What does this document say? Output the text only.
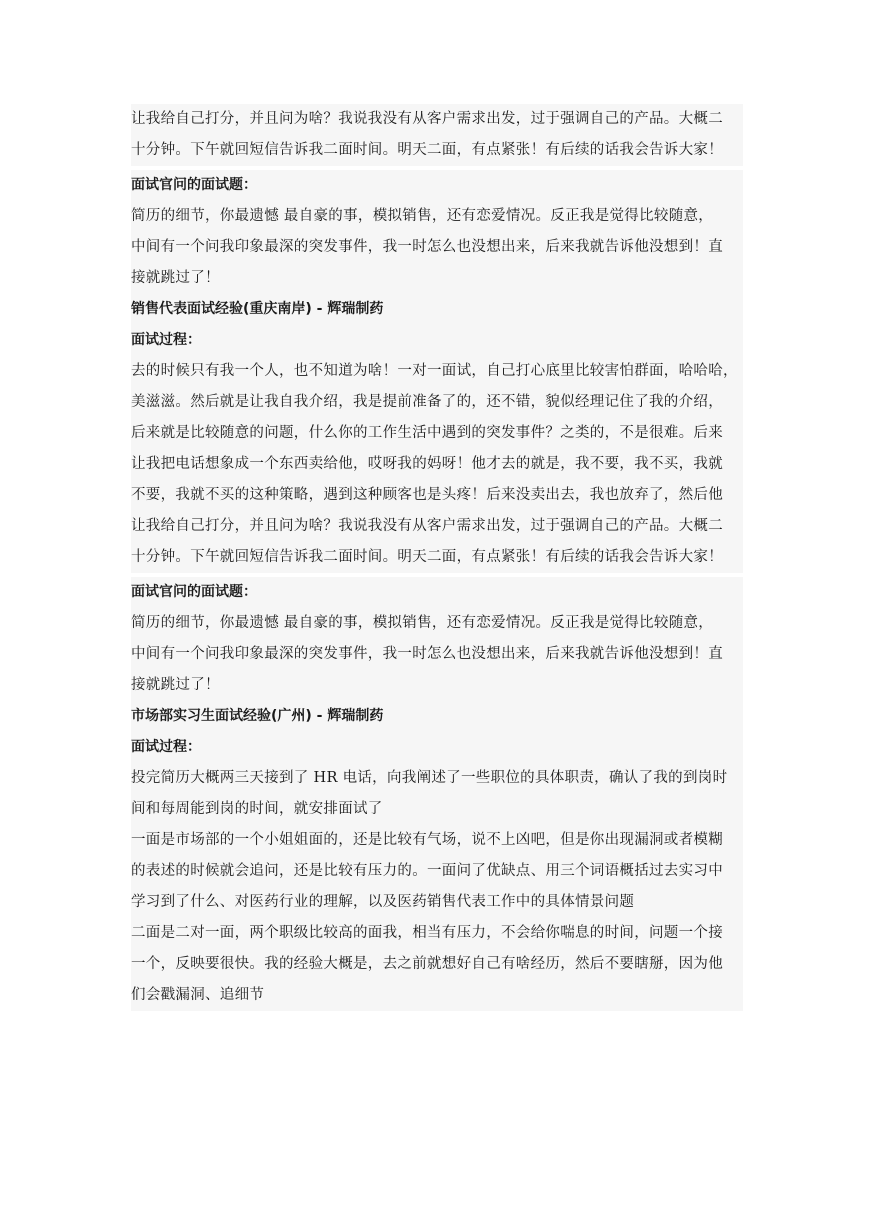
让我给自己打分，并且问为啥？我说我没有从客户需求出发，过于强调自己的产品。大概二
十分钟。下午就回短信告诉我二面时间。明天二面，有点紧张！有后续的话我会告诉大家！
面试官问的面试题：
简历的细节，你最遗憾 最自豪的事，模拟销售，还有恋爱情况。反正我是觉得比较随意，
中间有一个问我印象最深的突发事件，我一时怎么也没想出来，后来我就告诉他没想到！直
接就跳过了！
销售代表面试经验(重庆南岸) - 辉瑞制药
面试过程：
去的时候只有我一个人，也不知道为啥！一对一面试，自己打心底里比较害怕群面，哈哈哈，
美滋滋。然后就是让我自我介绍，我是提前准备了的，还不错，貌似经理记住了我的介绍，
后来就是比较随意的问题，什么你的工作生活中遇到的突发事件？之类的，不是很难。后来
让我把电话想象成一个东西卖给他，哎呀我的妈呀！他才去的就是，我不要，我不买，我就
不要，我就不买的这种策略，遇到这种顾客也是头疼！后来没卖出去，我也放弃了，然后他
让我给自己打分，并且问为啥？我说我没有从客户需求出发，过于强调自己的产品。大概二
十分钟。下午就回短信告诉我二面时间。明天二面，有点紧张！有后续的话我会告诉大家！
面试官问的面试题：
简历的细节，你最遗憾 最自豪的事，模拟销售，还有恋爱情况。反正我是觉得比较随意，
中间有一个问我印象最深的突发事件，我一时怎么也没想出来，后来我就告诉他没想到！直
接就跳过了！
市场部实习生面试经验(广州) - 辉瑞制药
面试过程：
投完简历大概两三天接到了 HR 电话，向我阐述了一些职位的具体职责，确认了我的到岗时
间和每周能到岗的时间，就安排面试了
一面是市场部的一个小姐姐面的，还是比较有气场，说不上凶吧，但是你出现漏洞或者模糊
的表述的时候就会追问，还是比较有压力的。一面问了优缺点、用三个词语概括过去实习中
学习到了什么、对医药行业的理解，以及医药销售代表工作中的具体情景问题
二面是二对一面，两个职级比较高的面我，相当有压力，不会给你喘息的时间，问题一个接
一个，反映要很快。我的经验大概是，去之前就想好自己有啥经历，然后不要瞎掰，因为他
们会戳漏洞、追细节
